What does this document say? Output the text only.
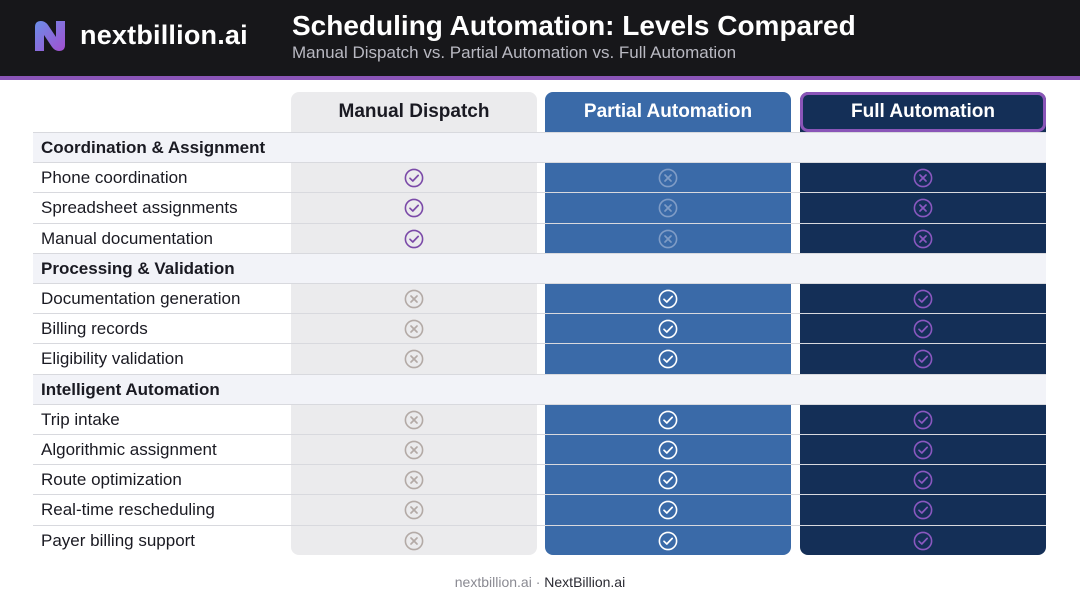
nextbillion.ai Scheduling Automation: Levels Compared
Manual Dispatch vs. Partial Automation vs. Full Automation
Manual Dispatch	Partial Automation	Full Automation
Coordination & Assignment
Phone coordination
Spreadsheet assignments
Manual documentation
Processing & Validation
Documentation generation
Billing records
Eligibility validation
Intelligent Automation
Trip intake
Algorithmic assignment
Route optimization
Real-time rescheduling
Payer billing support
nextbillion.ai · NextBillion.ai
